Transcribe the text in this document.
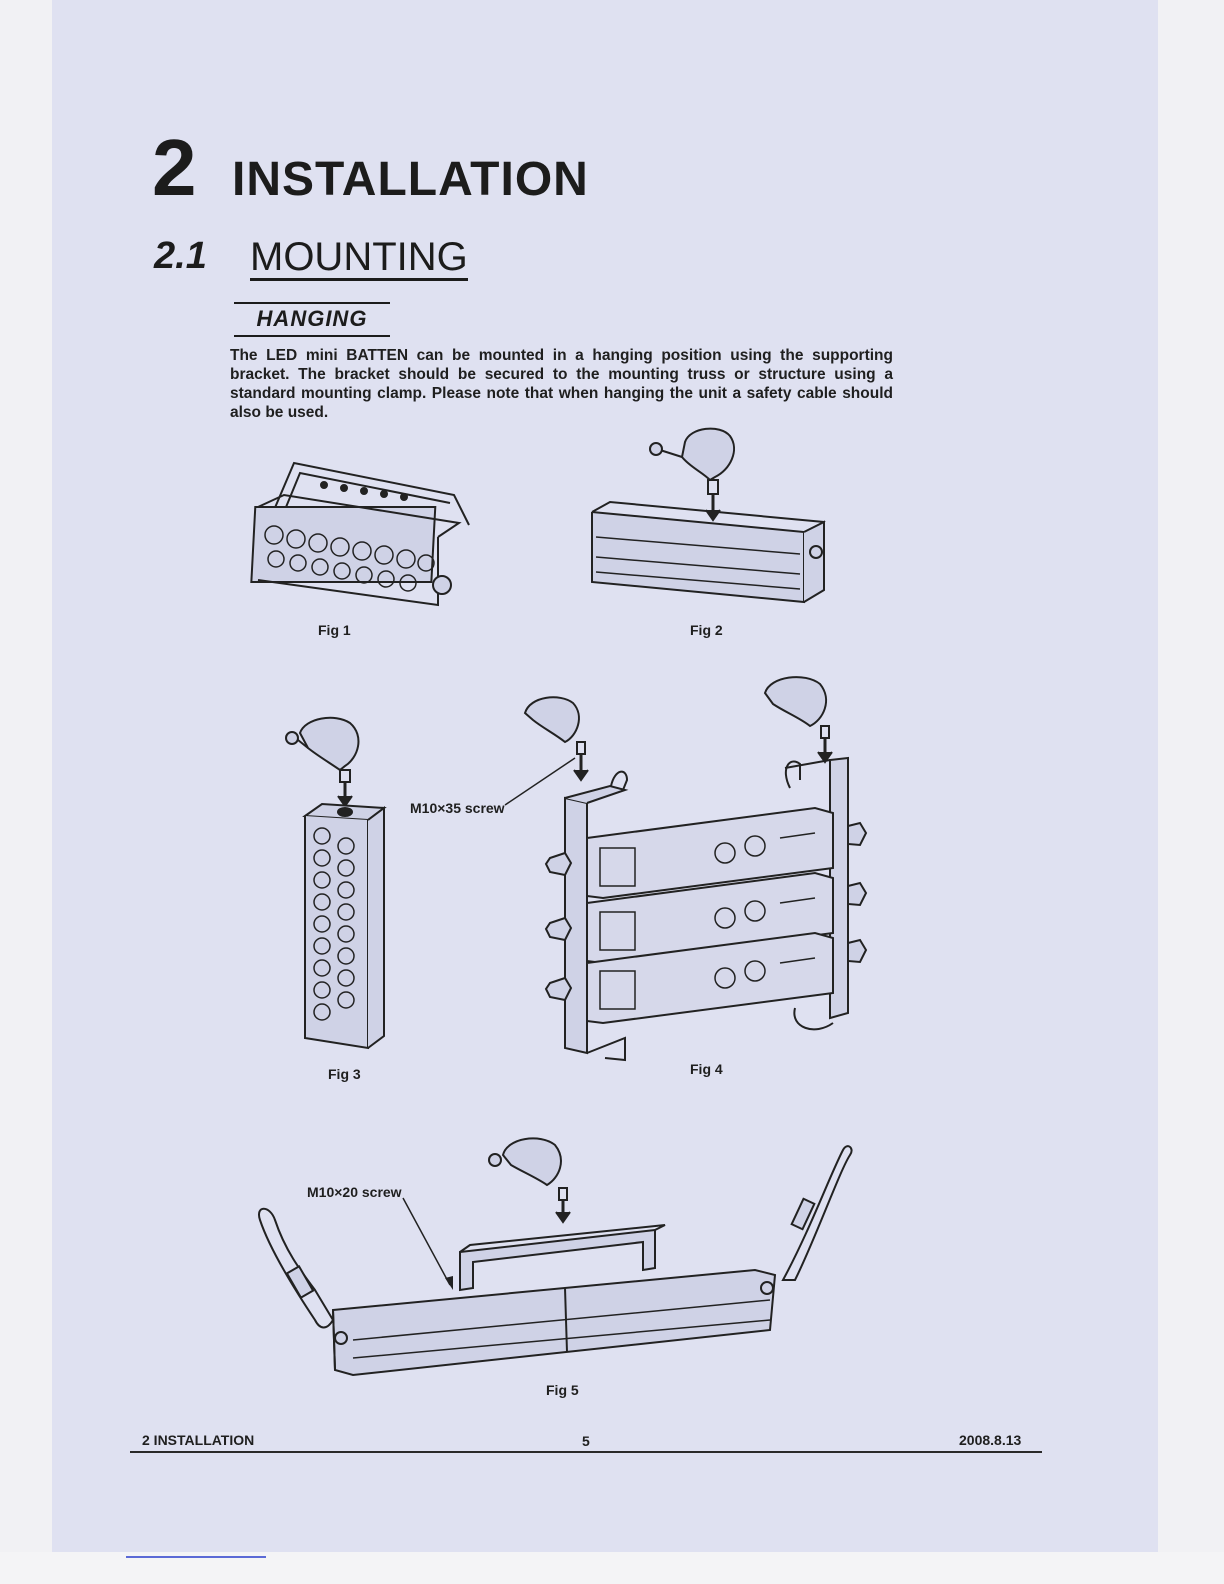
2 INSTALLATION
2.1 MOUNTING
HANGING
The LED mini BATTEN can be mounted in a hanging position using the supporting bracket. The bracket should be secured to the mounting truss or structure using a standard mounting clamp. Please note that when hanging the unit a safety cable should also be used.
Fig 1	Fig 2
Fig 3	Fig 4
Fig 5
M10×35 screw
M10×20 screw
2 INSTALLATION	5	2008.8.13
